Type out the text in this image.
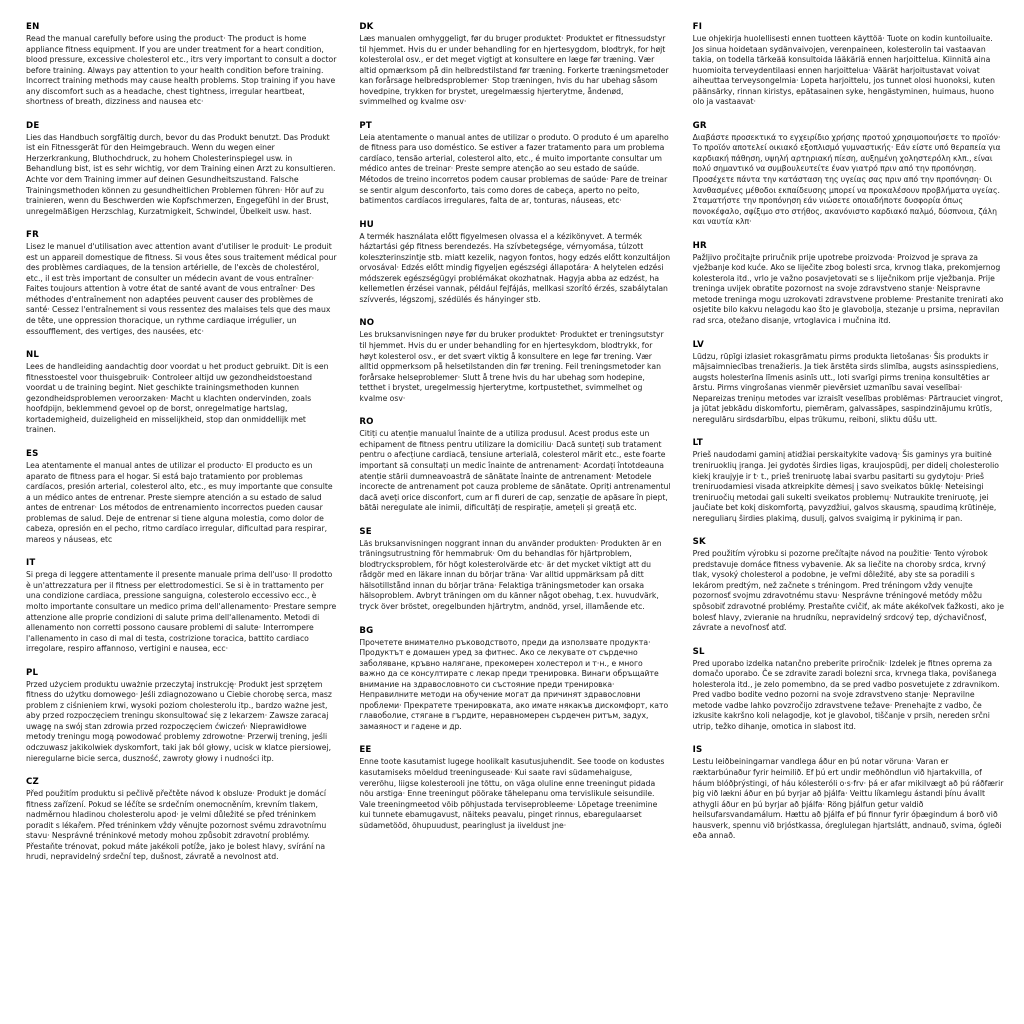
EN

Read the manual carefully before using the product· The product is home appliance fitness equipment. If you are under treatment for a heart condition, blood pressure, excessive cholesterol etc., itrs very important to consult a doctor before training. Always pay attention to your health condition before training. Incorrect training methods may cause health problems. Stop training if you have any discomfort such as a headache, chest tightness, irregular heartbeat, shortness of breath, dizziness and nausea etc·

DE

Lies das Handbuch sorgfältig durch, bevor du das Produkt benutzt. Das Produkt ist ein Fitnessgerät für den Heimgebrauch. Wenn du wegen einer Herzerkrankung, Bluthochdruck, zu hohem Cholesterinspiegel usw. in Behandlung bist, ist es sehr wichtig, vor dem Training einen Arzt zu konsultieren. Achte vor dem Training immer auf deinen Gesundheitszustand. Falsche Trainingsmethoden können zu gesundheitlichen Problemen führen· Hör auf zu trainieren, wenn du Beschwerden wie Kopfschmerzen, Engegefühl in der Brust, unregelmäßigen Herzschlag, Kurzatmigkeit, Schwindel, Übelkeit usw. hast.

FR

Lisez le manuel d'utilisation avec attention avant d'utiliser le produit· Le produit est un appareil domestique de fitness. Si vous êtes sous traitement médical pour des problèmes cardiaques, de la tension artérielle, de l'excès de cholestérol, etc., il est très important de consulter un médecin avant de vous entraîner· Faites toujours attention à votre état de santé avant de vous entraîner· Des méthodes d'entraînement non adaptées peuvent causer des problèmes de santé· Cessez l'entraînement si vous ressentez des malaises tels que des maux de tête, une oppression thoracique, un rythme cardiaque irrégulier, un essoufflement, des vertiges, des nausées, etc·

NL

Lees de handleiding aandachtig door voordat u het product gebruikt. Dit is een fitnesstoestel voor thuisgebruik· Controleer altijd uw gezondheidstoestand voordat u de training begint. Niet geschikte trainingsmethoden kunnen gezondheidsproblemen veroorzaken· Macht u klachten ondervinden, zoals hoofdpijn, beklemmend gevoel op de borst, onregelmatige hartslag, kortademigheid, duizeligheid en misselijkheid, stop dan onmiddellijk met trainen.

ES

Lea atentamente el manual antes de utilizar el producto· El producto es un aparato de fitness para el hogar. Si está bajo tratamiento por problemas cardíacos, presión arterial, colesterol alto, etc., es muy importante que consulte a un médico antes de entrenar. Preste siempre atención a su estado de salud antes de entrenar· Los métodos de entrenamiento incorrectos pueden causar problemas de salud. Deje de entrenar si tiene alguna molestia, como dolor de cabeza, opresión en el pecho, ritmo cardíaco irregular, dificultad para respirar, mareos y náuseas, etc

IT

Si prega di leggere attentamente il presente manuale prima dell'uso· Il prodotto è un'attrezzatura per il fitness per elettrodomestici. Se si è in trattamento per una condizione cardiaca, pressione sanguigna, colesterolo eccessivo ecc., è molto importante consultare un medico prima dell'allenamento· Prestare sempre attenzione alle proprie condizioni di salute prima dell'allenamento. Metodi di allenamento non corretti possono causare problemi di salute· Interrompere l'allenamento in caso di mal di testa, costrizione toracica, battito cardiaco irregolare, respiro affannoso, vertigini e nausea, ecc·

PL

Przed użyciem produktu uważnie przeczytaj instrukcję· Produkt jest sprzętem fitness do użytku domowego· Jeśli zdiagnozowano u Ciebie chorobę serca, masz problem z ciśnieniem krwi, wysoki poziom cholesterolu itp., bardzo ważne jest, aby przed rozpoczęciem treningu skonsultować się z lekarzem· Zawsze zaracaj uwagę na swój stan zdrowia przed rozpoczęciem ćwiczeń· Nieprawidłowe metody treningu mogą powodować problemy zdrowotne· Przerwij trening, jeśli odczuwasz jakikolwiek dyskomfort, taki jak ból głowy, ucisk w klatce piersiowej, nieregularne bicie serca, duszność, zawroty głowy i nudności itp.

CZ

Před použitím produktu si pečlivě přečtěte návod k obsluze· Produkt je domácí fitness zařízení. Pokud se léčíte se srdečním onemocněním, krevním tlakem, nadměrnou hladinou cholesterolu apod· je velmi důležité se před tréninkem poradit s lékařem. Před tréninkem vždy věnujte pozornost svému zdravotnímu stavu· Nesprávné tréninkové metody mohou způsobit zdravotní problémy. Přestaňte trénovat, pokud máte jakékoli potíže, jako je bolest hlavy, svírání na hrudi, nepravidelný srdeční tep, dušnost, závratě a nevolnost atd.

DK

Læs manualen omhyggeligt, før du bruger produktet· Produktet er fitnessudstyr til hjemmet. Hvis du er under behandling for en hjertesygdom, blodtryk, for højt kolesterolal osv., er det meget vigtigt at konsultere en læge før træning. Vær altid opmærksom på din helbredstilstand før træning. Forkerte træningsmetoder kan forårsage helbredsproblemer· Stop træningen, hvis du har ubehag såsom hovedpine, trykken for brystet, uregelmæssig hjerterytme, åndenød, svimmelhed og kvalme osv·

PT

Leia atentamente o manual antes de utilizar o produto. O produto é um aparelho de fitness para uso doméstico. Se estiver a fazer tratamento para um problema cardíaco, tensão arterial, colesterol alto, etc., é muito importante consultar um médico antes de treinar· Preste sempre atenção ao seu estado de saúde. Métodos de treino incorretos podem causar problemas de saúde· Pare de treinar se sentir algum desconforto, tais como dores de cabeça, aperto no peito, batimentos cardíacos irregulares, falta de ar, tonturas, náuseas, etc·

HU

A termék használata előtt figyelmesen olvassa el a kézikönyvet. A termék háztartási gép fitness berendezés. Ha szívbetegsége, vérnyomása, túlzott koleszterinszintje stb. miatt kezelik, nagyon fontos, hogy edzés előtt konzultáljon orvosával· Edzés előtt mindig figyeljen egészségi állapotára· A helytelen edzési módszerek egészségügyi problémákat okozhatnak. Hagyja abba az edzést, ha kellemetlen érzései vannak, például fejfájás, mellkasi szorító érzés, szabálytalan szívverés, légszomj, szédülés és hányinger stb.

NO

Les bruksanvisningen nøye før du bruker produktet· Produktet er treningsutstyr til hjemmet. Hvis du er under behandling for en hjertesykdom, blodtrykk, for høyt kolesterol osv., er det svært viktig å konsultere en lege før trening. Vær alltid oppmerksom på helsetilstanden din før trening. Feil treningsmetoder kan forårsake helseproblemer· Slutt å trene hvis du har ubehag som hodepine, tetthet i brystet, uregelmessig hjerterytme, kortpustethet, svimmelhet og kvalme osv·

RO

Citiți cu atenție manualul înainte de a utiliza produsul. Acest produs este un echipament de fitness pentru utilizare la domiciliu· Dacă sunteți sub tratament pentru o afecțiune cardiacă, tensiune arterială, colesterol mărit etc., este foarte important să consultați un medic înainte de antrenament· Acordați întotdeauna atenție stării dumneavoastră de sănătate înainte de antrenament· Metodele incorecte de antrenament pot cauza probleme de sănătate. Opriți antrenamentul dacă aveți orice disconfort, cum ar fi dureri de cap, senzație de apăsare în piept, bătăi neregulate ale inimii, dificultăți de respirație, amețeli și greață etc.

SE

Läs bruksanvisningen noggrant innan du använder produkten· Produkten är en träningsutrustning för hemmabruk· Om du behandlas för hjärtproblem, blodtrycksproblem, för högt kolesterolvärde etc· är det mycket viktigt att du rådgör med en läkare innan du börjar träna· Var alltid uppmärksam på ditt hälsotillstånd innan du börjar träna· Felaktiga träningsmetoder kan orsaka hälsoproblem. Avbryt träningen om du känner något obehag, t.ex. huvudvärk, tryck över bröstet, oregelbunden hjärtrytm, andnöd, yrsel, illamående etc.

BG

Прочетете внимателно ръководството, преди да използвате продукта· Продуктът е домашен уред за фитнес. Ако се лекувате от сърдечно заболяване, кръвно налягане, прекомерен холестерол и т·н., е много важно да се консултирате с лекар преди тренировка. Винаги обръщайте внимание на здравословното си състояние преди тренировка· Неправилните методи на обучение могат да причинят здравословни проблеми· Прекратете тренировката, ако имате някакъв дискомфорт, като главоболие, стягане в гърдите, неравномерен сърдечен ритъм, задух, замаяност и гадене и др.

EE

Enne toote kasutamist lugege hoolikalt kasutusjuhendit. See toode on kodustes kasutamiseks mõeldud treeninguseade· Kui saate ravi südamehaiguse, vererõhu, liigse kolesterooli jne tõttu, on väga oluline enne treeningut pidada nõu arstiga· Enne treeningut pöörake tähelepanu oma tervislikule seisundile. Vale treeningmeetod võib põhjustada terviseprobleeme· Lõpetage treenimine kui tunnete ebamugavust, näiteks peavalu, pinget rinnus, ebaregulaarset südametööd, õhupuudust, pearinglust ja iiveldust jne·

FI

Lue ohjekirja huolellisesti ennen tuotteen käyttöä· Tuote on kodin kuntoiluaite. Jos sinua hoidetaan sydänvaivojen, verenpaineen, kolesterolin tai vastaavan takia, on todella tärkeää konsultoida lääkäriä ennen harjoittelua. Kiinnitä aina huomioita terveydentilaasi ennen harjoittelua· Väärät harjoitustavat voivat aiheuttaa terveysongelmia· Lopeta harjoittelu, jos tunnet olosi huonoksi, kuten päänsärky, rinnan kiristys, epätasainen syke, hengästyminen, huimaus, huono olo ja vastaavat·

GR

Διαβάστε προσεκτικά το εγχειρίδιο χρήσης προτού χρησιμοποιήσετε το προϊόν· Το προϊόν αποτελεί οικιακό εξοπλισμό γυμναστικής· Εάν είστε υπό θεραπεία για καρδιακή πάθηση, υψηλή αρτηριακή πίεση, αυξημένη χοληστερόλη κλπ., είναι πολύ σημαντικό να συμβουλευτείτε έναν γιατρό πριν από την προπόνηση. Προσέχετε πάντα την κατάσταση της υγείας σας πριν από την προπόνηση· Οι λανθασμένες μέθοδοι εκπαίδευσης μπορεί να προκαλέσουν προβλήματα υγείας. Σταματήστε την προπόνηση εάν νιώσετε οποιαδήποτε δυσφορία όπως πονοκέφαλο, σφίξιμο στο στήθος, ακανόνιστο καρδιακό παλμό, δύσπνοια, ζάλη και ναυτία κλπ·

HR

Pažljivo pročitajte priručnik prije upotrebe proizvoda· Proizvod je sprava za vježbanje kod kuće. Ako se liječite zbog bolesti srca, krvnog tlaka, prekomjernog kolesterola itd., vrlo je važno posavjetovati se s liječnikom prije vježbanja. Prije treninga uvijek obratite pozornost na svoje zdravstveno stanje· Neispravne metode treninga mogu uzrokovati zdravstvene probleme· Prestanite trenirati ako osjetite bilo kakvu nelagodu kao što je glavobolja, stezanje u prsima, nepravilan rad srca, otežano disanje, vrtoglavica i mučnina itd.

LV

Lūdzu, rūpīgi izlasiet rokasgrāmatu pirms produkta lietošanas· Šis produkts ir mājsaimniecības trenažieris. Ja tiek ārstēta sirds slimība, augsts asinsspiediens, augsts holesterīna līmenis asinīs utt., loti svarīgi pirms treniņa konsultēties ar ārstu. Pirms vingrošanas vienmēr pievērsiet uzmanību savai veselībai· Nepareizas treniņu metodes var izraisīt veselības problēmas· Pārtrauciet vingrot, ja jūtat jebkādu diskomfortu, piemēram, galvassāpes, saspindzinājumu krūtīs, neregulāru sirdsdarbību, elpas trūkumu, reiboni, sliktu dūšu utt.

LT

Prieš naudodami gaminį atidžiai perskaitykite vadovą· Šis gaminys yra buitinė treniruoklių įranga. Jei gydotės širdies ligas, kraujospūdį, per didelį cholesterolio kiekį kraujyje ir t· t., prieš treniruotę labai svarbu pasitarti su gydytoju· Prieš treniruodamiesi visada atkreipkite dėmesį į savo sveikatos būklę· Neteisingi treniruočių metodai gali sukelti sveikatos problemų· Nutraukite treniruotę, jei jaučiate bet kokį diskomfortą, pavyzdžiui, galvos skausmą, spaudimą krūtinėje, nereguliarų širdies plakimą, dusulį, galvos svaigimą ir pykinimą ir pan.

SK

Pred použitím výrobku si pozorne prečítajte návod na použitie· Tento výrobok predstavuje domáce fitness vybavenie. Ak sa liečite na choroby srdca, krvný tlak, vysoký cholesterol a podobne, je veľmi dôležité, aby ste sa poradili s lekárom predtým, než začnete s tréningom. Pred tréningom vždy venujte pozornosť svojmu zdravotnému stavu· Nesprávne tréningové metódy môžu spôsobiť zdravotné problémy. Prestaňte cvičiť, ak máte akékoľvek ťažkosti, ako je bolesť hlavy, zvieranie na hrudníku, nepravidelný srdcový tep, dýchavičnosť, závrate a nevoľnosť atď.

SL

Pred uporabo izdelka natančno preberite priročnik· Izdelek je fitnes oprema za domačo uporabo. Če se zdravite zaradi bolezni srca, krvnega tlaka, povišanega holesterola itd., je zelo pomembno, da se pred vadbo posvetujete z zdravnikom. Pred vadbo bodite vedno pozorni na svoje zdravstveno stanje· Nepravilne metode vadbe lahko povzročijo zdravstvene težave· Prenehajte z vadbo, če izkusite kakršno koli nelagodje, kot je glavobol, tiščanje v prsih, nereden srčni utrip, težko dihanje, omotica in slabost itd.

IS

Lestu leiðbeiningarnar vandlega áður en þú notar vöruna· Varan er ræktarbúnaður fyrir heimilið. Ef þú ert undir meðhöndlun við hjartakvilla, of háum blóðþrýstingi, of háu kólesteróli o·s·frv· þá er afar mikilvægt að þú ráðfærir þig við lækni áður en þú byrjar að þjálfa· Veittu líkamlegu ástandi þínu ávallt athygli áður en þú byrjar að þjálfa· Röng þjálfun getur valdið heilsufarsvandamálum. Hættu að þjálfa ef þú finnur fyrir óþægindum á borð við hausverk, spennu við brjóstkassa, óreglulegan hjartslátt, andnauð, svima, ógleði eða annað.
